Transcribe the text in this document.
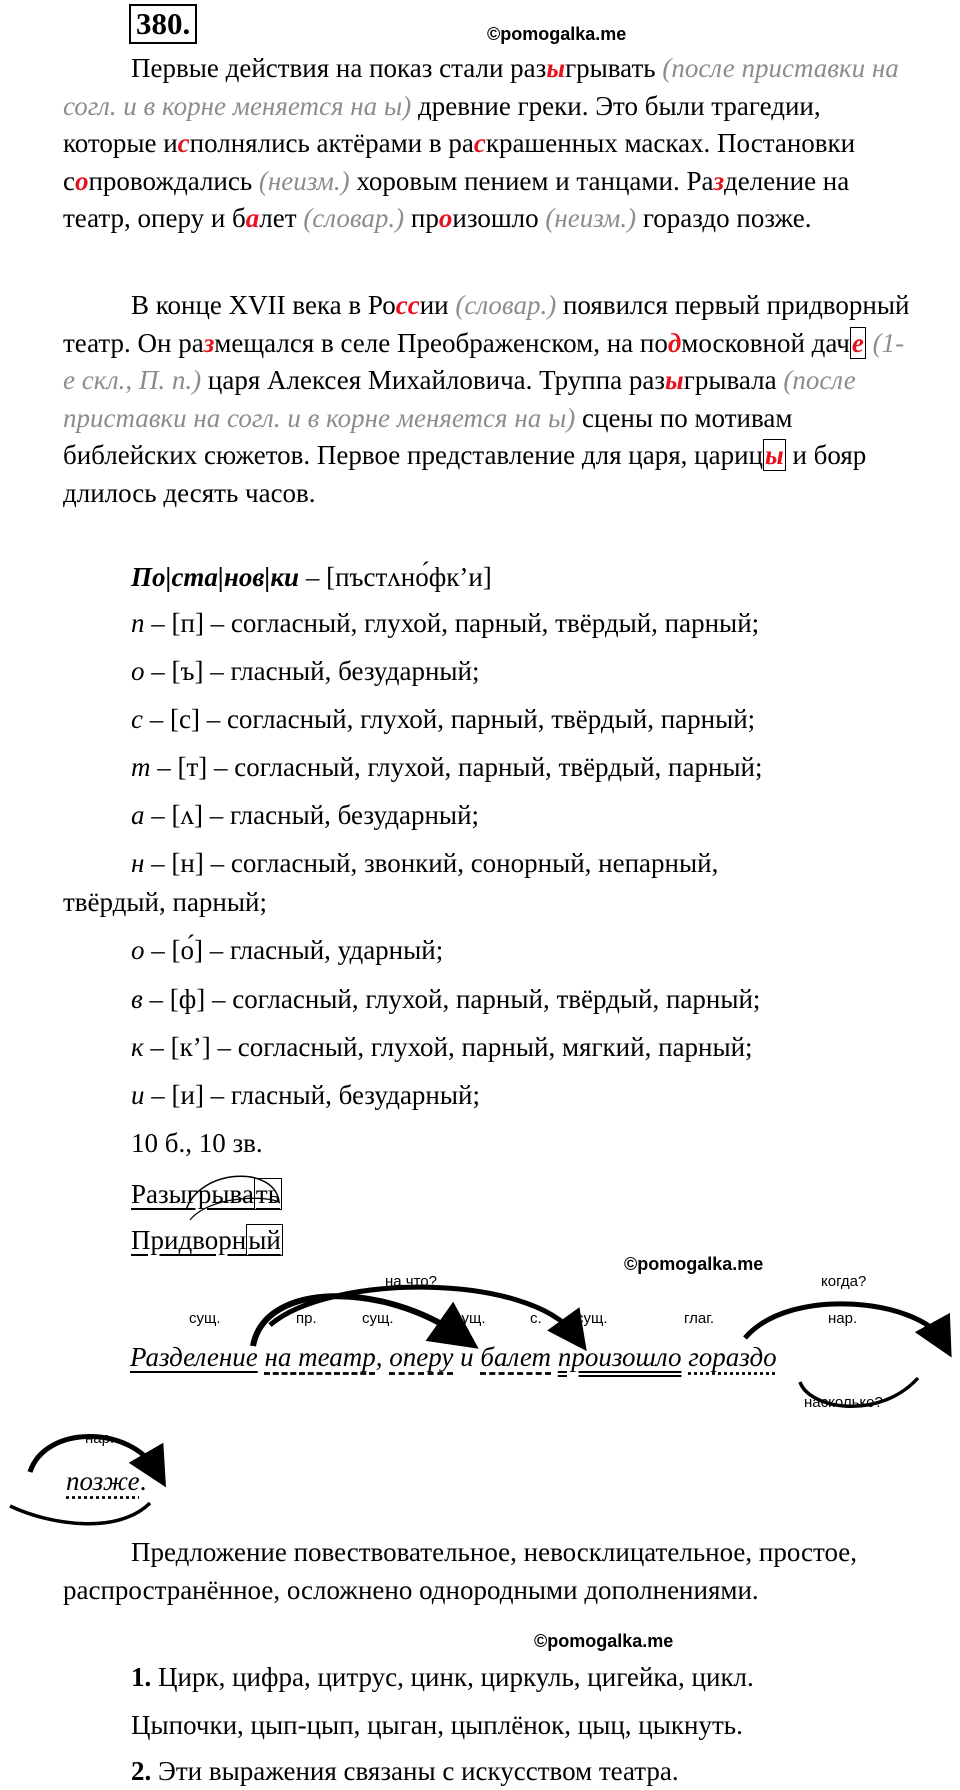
380.	©pomogalka.me
Первые действия на показ стали разыгрывать (после приставки на согл. и в корне меняется на ы) древние греки. Это были трагедии, которые исполнялись актёрами в раскрашенных масках. Постановки сопровождались (неизм.) хоровым пением и танцами. Разделение на театр, оперу и балет (словар.) произошло (неизм.) гораздо позже.
В конце XVII века в России (словар.) появился первый придворный театр. Он размещался в селе Преображенском, на подмосковной даче (1-е скл., П. п.) царя Алексея Михайловича. Труппа разыгрывала (после приставки на согл. и в корне меняется на ы) сцены по мотивам библейских сюжетов. Первое представление для царя, царицы и бояр длилось десять часов.
По|ста|нов|ки – [пъстʌно́фк’и]
п – [п] – согласный, глухой, парный, твёрдый, парный;
о – [ъ] – гласный, безударный;
с – [с] – согласный, глухой, парный, твёрдый, парный;
т – [т] – согласный, глухой, парный, твёрдый, парный;
а – [ʌ] – гласный, безударный;
н – [н] – согласный, звонкий, сонорный, непарный,
твёрдый, парный;
о – [о́] – гласный, ударный;
в – [ф] – согласный, глухой, парный, твёрдый, парный;
к – [к’] – согласный, глухой, парный, мягкий, парный;
и – [и] – гласный, безударный;
10 б., 10 зв.
Разыгрывать
Придворный
©pomogalka.me
на что?	когда?
сущ.	пр.	сущ.	сущ.	с. сущ.	глаг.	нар.
нар.
Разделение на театр, оперу и балет произошло гораздо
насколько?
позже.
Предложение повествовательное, невосклицательное, простое, распространённое, осложнено однородными дополнениями.
©pomogalka.me
1. Цирк, цифра, цитрус, цинк, циркуль, цигейка, цикл.
Цыпочки, цып-цып, цыган, цыплёнок, цыц, цыкнуть.
2. Эти выражения связаны с искусством театра.
